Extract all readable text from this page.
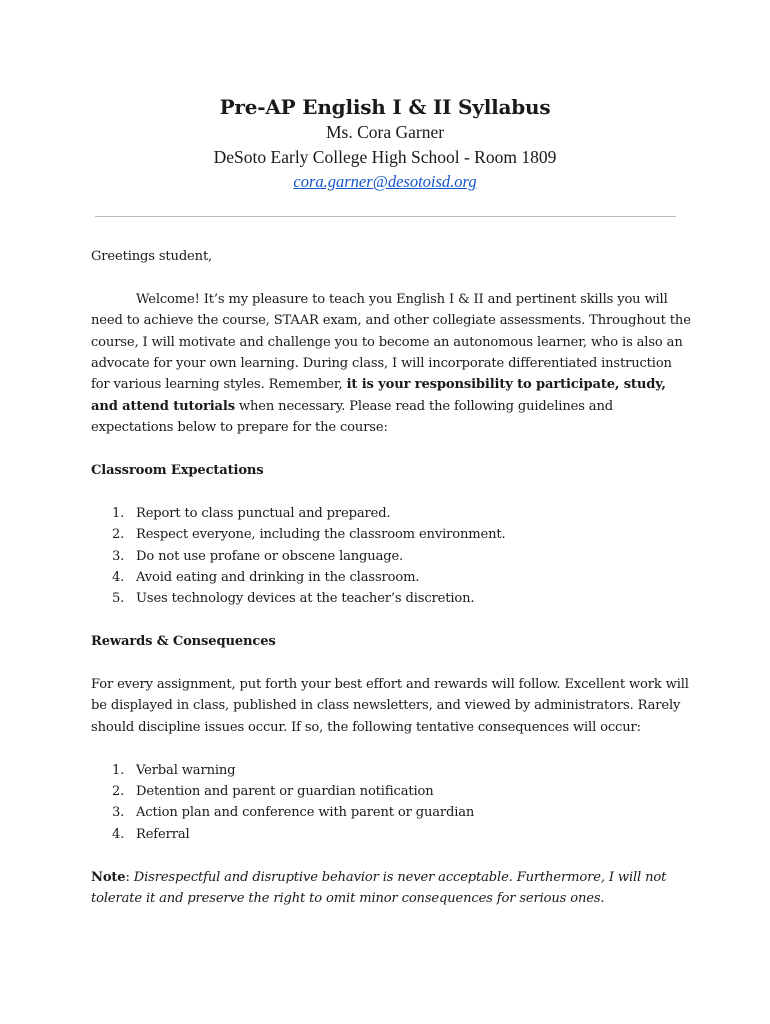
Pre-AP English I & II Syllabus

Ms. Cora Garner

DeSoto Early College High School - Room 1809

cora.garner@desotoisd.org

Greetings student,

Welcome! It’s my pleasure to teach you English I & II and pertinent skills you will need to achieve the course, STAAR exam, and other collegiate assessments. Throughout the course, I will motivate and challenge you to become an autonomous learner, who is also an advocate for your own learning. During class, I will incorporate differentiated instruction for various learning styles. Remember, it is your responsibility to participate, study, and attend tutorials when necessary. Please read the following guidelines and expectations below to prepare for the course:

Classroom Expectations

1. Report to class punctual and prepared.
2. Respect everyone, including the classroom environment.
3. Do not use profane or obscene language.
4. Avoid eating and drinking in the classroom.
5. Uses technology devices at the teacher’s discretion.

Rewards & Consequences

For every assignment, put forth your best effort and rewards will follow. Excellent work will be displayed in class, published in class newsletters, and viewed by administrators. Rarely should discipline issues occur. If so, the following tentative consequences will occur:

1. Verbal warning
2. Detention and parent or guardian notification
3. Action plan and conference with parent or guardian
4. Referral

Note: Disrespectful and disruptive behavior is never acceptable. Furthermore, I will not tolerate it and preserve the right to omit minor consequences for serious ones.
